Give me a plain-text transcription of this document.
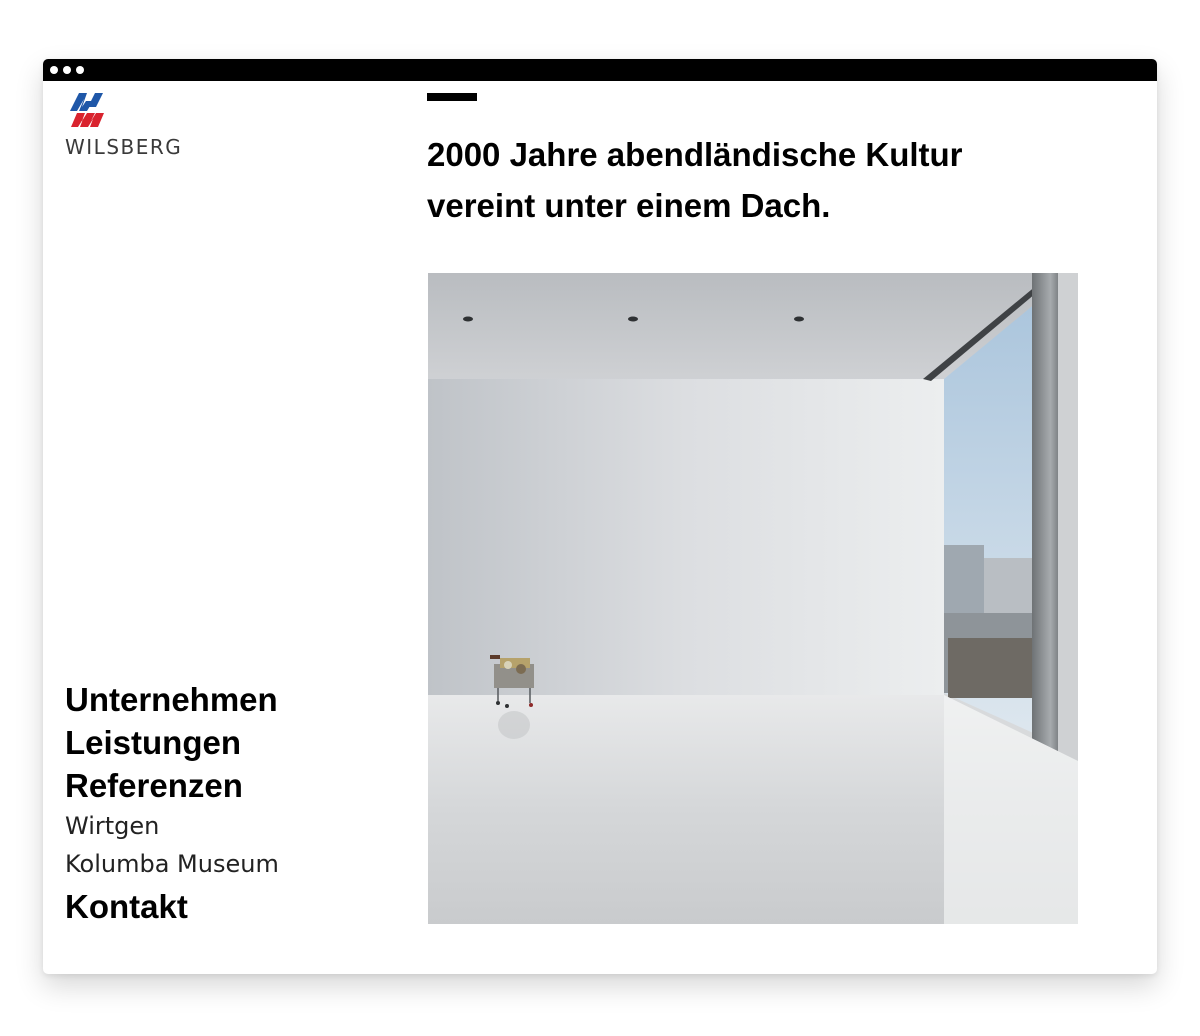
WILSBERG	2000 Jahre abendländische Kultur
vereint unter einem Dach.
Unternehmen
Leistungen
Referenzen
Wirtgen
Kolumba Museum
Kontakt
